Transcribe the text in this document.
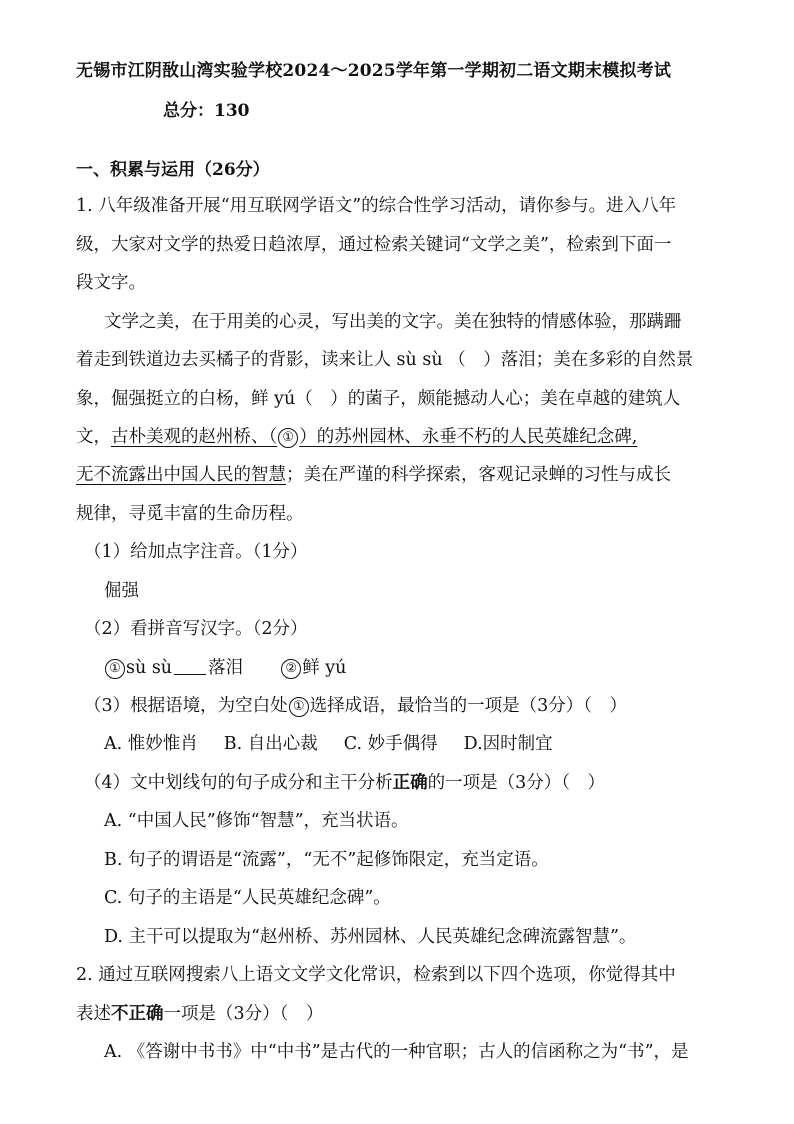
无锡市江阴敔山湾实验学校2024～2025学年第一学期初二语文期末模拟考试
总分：130
一、积累与运用（26分）
1. 八年级准备开展“用互联网学语文”的综合性学习活动，请你参与。进入八年
级，大家对文学的热爱日趋浓厚，通过检索关键词“文学之美”，检索到下面一
段文字。
文学之美，在于用美的心灵，写出美的文字。美在独特的情感体验，那蹒跚
着走到铁道边去买橘子的背影，读来让人 sù sù （　）落泪；美在多彩的自然景
象，倔强挺立的白杨，鲜 yú（　）的菌子，颇能撼动人心；美在卓越的建筑人
文，古朴美观的赵州桥、（ ① ）的苏州园林、永垂不朽的人民英雄纪念碑,
无不流露出中国人民的智慧；美在严谨的科学探索，客观记录蝉的习性与成长
规律，寻觅丰富的生命历程。
（1）给加点字注音。（1分）
倔强
（2）看拼音写汉字。（2分）
① sù sù 落泪	② 鲜 yú
（3）根据语境，为空白处 ① 选择成语，最恰当的一项是（3分）（　）
A. 惟妙惟肖 B. 自出心裁 C. 妙手偶得 D.因时制宜
（4）文中划线句的句子成分和主干分析正确的一项是（3分）（　）
A. “中国人民”修饰“智慧”，充当状语。
B. 句子的谓语是“流露”，“无不”起修饰限定，充当定语。
C. 句子的主语是“人民英雄纪念碑”。
D. 主干可以提取为“赵州桥、苏州园林、人民英雄纪念碑流露智慧”。
2. 通过互联网搜索八上语文文学文化常识，检索到以下四个选项，你觉得其中
表述不正确一项是（3分）（　）
A. 《答谢中书书》中“中书”是古代的一种官职；古人的信函称之为“书”，是
